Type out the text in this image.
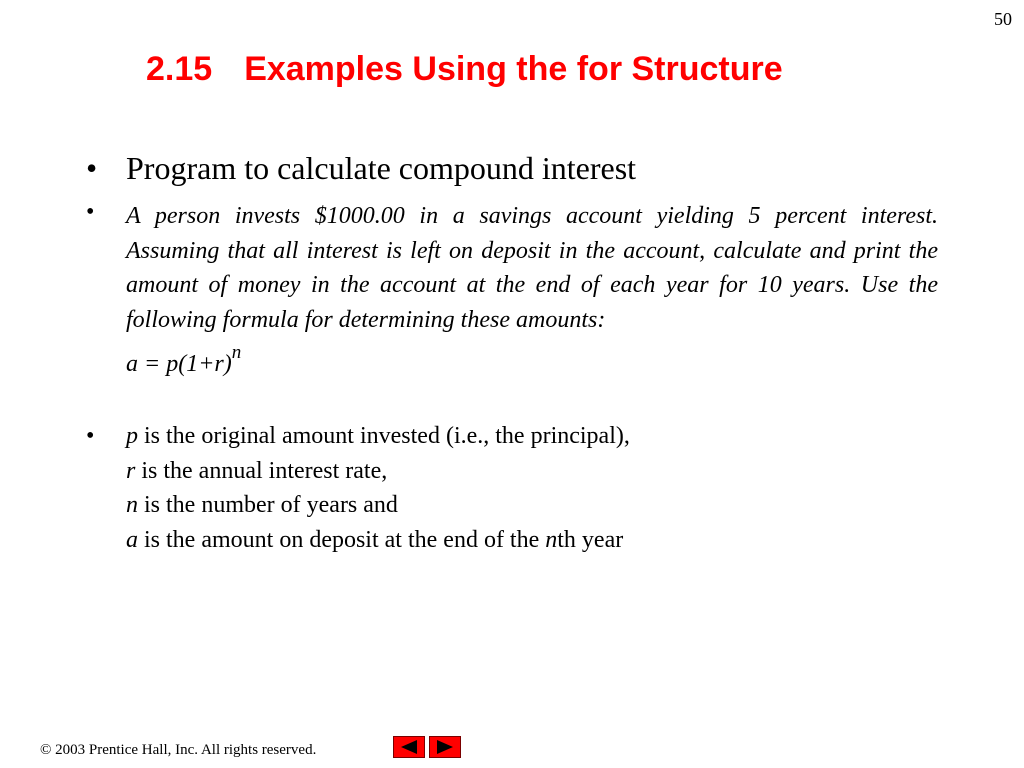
50
2.15 Examples Using the for Structure
• Program to calculate compound interest
•	A person invests $1000.00 in a savings account yielding 5 percent interest. Assuming that all interest is left on deposit in the account, calculate and print the amount of money in the account at the end of each year for 10 years. Use the following formula for determining these amounts:
$a = p(1+r)^n$
•	p is the original amount invested (i.e., the principal),
r is the annual interest rate,
n is the number of years and
a is the amount on deposit at the end of the nth year
© 2003 Prentice Hall, Inc. All rights reserved.
